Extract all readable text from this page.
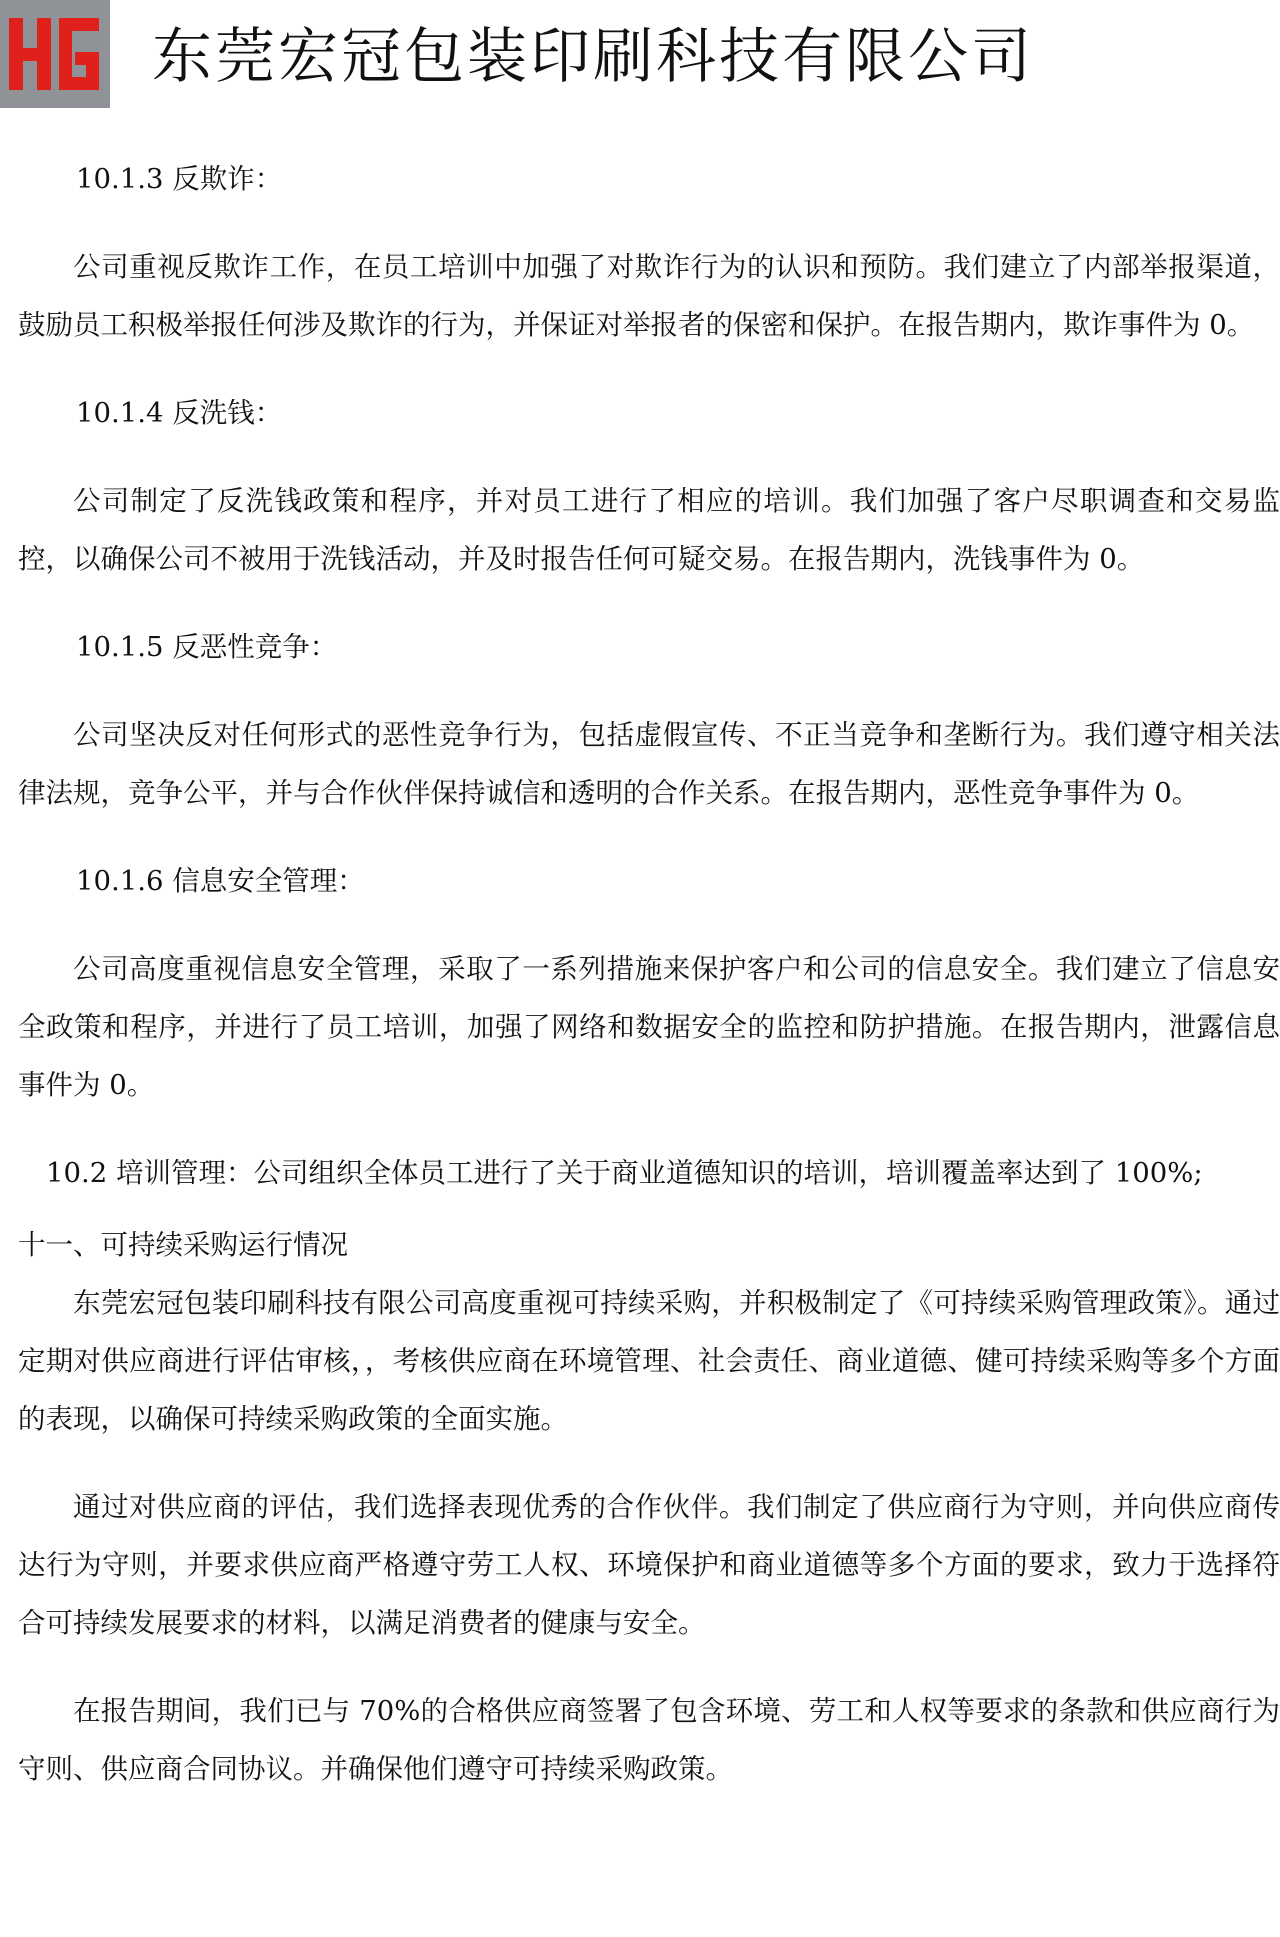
东莞宏冠包装印刷科技有限公司

10.1.3 反欺诈：

公司重视反欺诈工作，在员工培训中加强了对欺诈行为的认识和预防。我们建立了内部举报渠道，鼓励员工积极举报任何涉及欺诈的行为，并保证对举报者的保密和保护。在报告期内，欺诈事件为 0。

10.1.4 反洗钱：

公司制定了反洗钱政策和程序，并对员工进行了相应的培训。我们加强了客户尽职调查和交易监控，以确保公司不被用于洗钱活动，并及时报告任何可疑交易。在报告期内，洗钱事件为 0。

10.1.5 反恶性竞争：

公司坚决反对任何形式的恶性竞争行为，包括虚假宣传、不正当竞争和垄断行为。我们遵守相关法律法规，竞争公平，并与合作伙伴保持诚信和透明的合作关系。在报告期内，恶性竞争事件为 0。

10.1.6 信息安全管理：

公司高度重视信息安全管理，采取了一系列措施来保护客户和公司的信息安全。我们建立了信息安全政策和程序，并进行了员工培训，加强了网络和数据安全的监控和防护措施。在报告期内，泄露信息事件为 0。

10.2 培训管理：公司组织全体员工进行了关于商业道德知识的培训，培训覆盖率达到了 100%;

十一、可持续采购运行情况

东莞宏冠包装印刷科技有限公司高度重视可持续采购，并积极制定了《可持续采购管理政策》。通过定期对供应商进行评估审核，，考核供应商在环境管理、社会责任、商业道德、健可持续采购等多个方面的表现，以确保可持续采购政策的全面实施。

通过对供应商的评估，我们选择表现优秀的合作伙伴。我们制定了供应商行为守则，并向供应商传达行为守则，并要求供应商严格遵守劳工人权、环境保护和商业道德等多个方面的要求，致力于选择符合可持续发展要求的材料，以满足消费者的健康与安全。

在报告期间，我们已与 70%的合格供应商签署了包含环境、劳工和人权等要求的条款和供应商行为守则、供应商合同协议。并确保他们遵守可持续采购政策。
